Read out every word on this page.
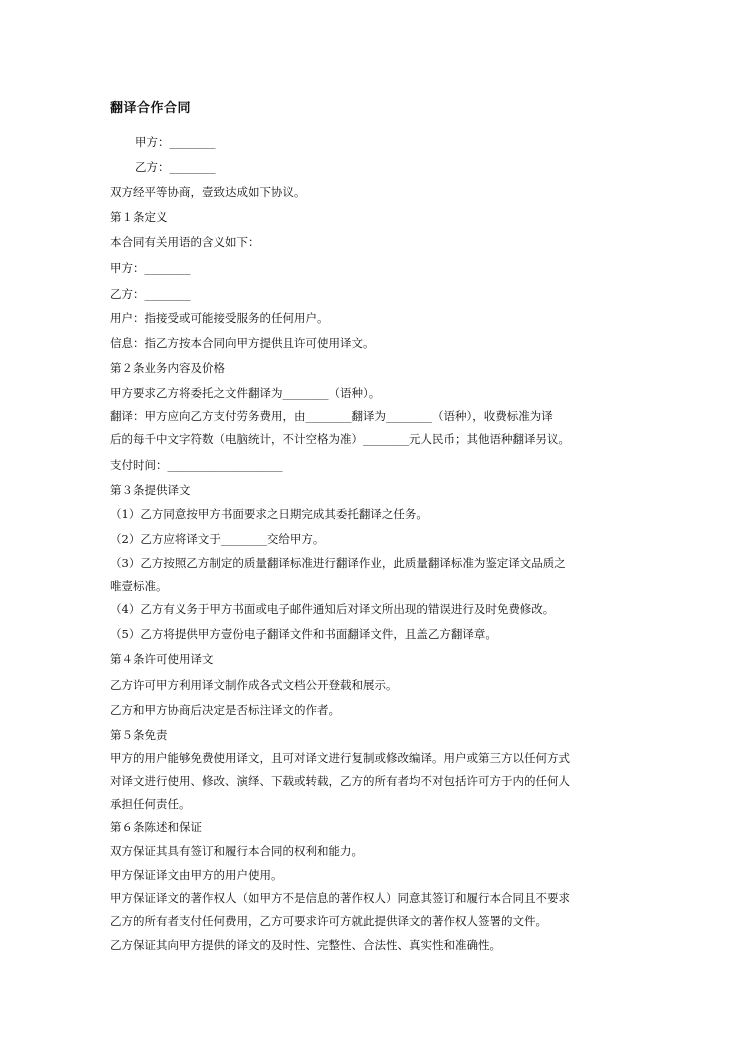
翻译合作合同
甲方：________
乙方：________
双方经平等协商，壹致达成如下协议。
第１条定义
本合同有关用语的含义如下：
甲方：________
乙方：________
用户：指接受或可能接受服务的任何用户。
信息：指乙方按本合同向甲方提供且许可使用译文。
第２条业务内容及价格
甲方要求乙方将委托之文件翻译为________（语种）。
翻译：甲方应向乙方支付劳务费用，由________翻译为________（语种），收费标准为译
后的每千中文字符数（电脑统计，不计空格为准）________元人民币；其他语种翻译另议。
支付时间：____________________
第３条提供译文
（1）乙方同意按甲方书面要求之日期完成其委托翻译之任务。
（2）乙方应将译文于________交给甲方。
（3）乙方按照乙方制定的质量翻译标准进行翻译作业，此质量翻译标准为鉴定译文品质之
唯壹标准。
（4）乙方有义务于甲方书面或电子邮件通知后对译文所出现的错误进行及时免费修改。
（5）乙方将提供甲方壹份电子翻译文件和书面翻译文件，且盖乙方翻译章。
第４条许可使用译文
乙方许可甲方利用译文制作成各式文档公开登载和展示。
乙方和甲方协商后决定是否标注译文的作者。
第５条免责
甲方的用户能够免费使用译文，且可对译文进行复制或修改编译。用户或第三方以任何方式
对译文进行使用、修改、演绎、下载或转载，乙方的所有者均不对包括许可方于内的任何人
承担任何责任。
第６条陈述和保证
双方保证其具有签订和履行本合同的权利和能力。
甲方保证译文由甲方的用户使用。
甲方保证译文的著作权人（如甲方不是信息的著作权人）同意其签订和履行本合同且不要求
乙方的所有者支付任何费用，乙方可要求许可方就此提供译文的著作权人签署的文件。
乙方保证其向甲方提供的译文的及时性、完整性、合法性、真实性和准确性。
